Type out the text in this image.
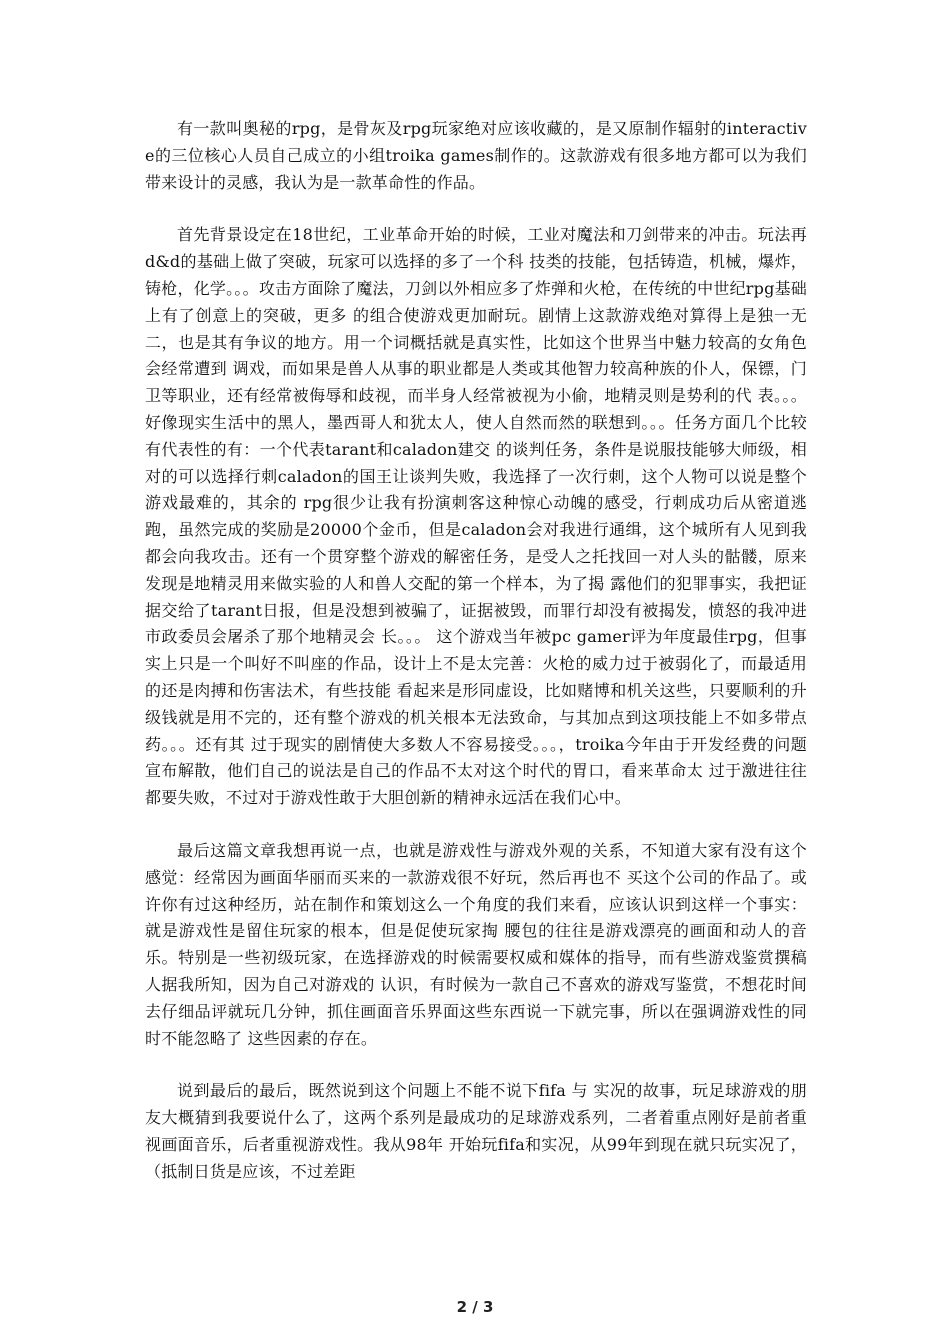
有一款叫奥秘的rpg，是骨灰及rpg玩家绝对应该收藏的，是又原制作辐射的interactive的三位核心人员自己成立的小组troika games制作的。这款游戏有很多地方都可以为我们带来设计的灵感，我认为是一款革命性的作品。

首先背景设定在18世纪，工业革命开始的时候，工业对魔法和刀剑带来的冲击。玩法再d&d的基础上做了突破，玩家可以选择的多了一个科 技类的技能，包括铸造，机械，爆炸，铸枪，化学。。。攻击方面除了魔法，刀剑以外相应多了炸弹和火枪，在传统的中世纪rpg基础上有了创意上的突破，更多 的组合使游戏更加耐玩。剧情上这款游戏绝对算得上是独一无二，也是其有争议的地方。用一个词概括就是真实性，比如这个世界当中魅力较高的女角色会经常遭到 调戏，而如果是兽人从事的职业都是人类或其他智力较高种族的仆人，保镖，门卫等职业，还有经常被侮辱和歧视，而半身人经常被视为小偷，地精灵则是势利的代 表。。。好像现实生活中的黑人，墨西哥人和犹太人，使人自然而然的联想到。。。任务方面几个比较有代表性的有：一个代表tarant和caladon建交 的谈判任务，条件是说服技能够大师级，相对的可以选择行刺caladon的国王让谈判失败，我选择了一次行刺，这个人物可以说是整个游戏最难的，其余的 rpg很少让我有扮演刺客这种惊心动魄的感受，行刺成功后从密道逃跑，虽然完成的奖励是20000个金币，但是caladon会对我进行通缉，这个城所有人见到我都会向我攻击。还有一个贯穿整个游戏的解密任务，是受人之托找回一对人头的骷髅，原来发现是地精灵用来做实验的人和兽人交配的第一个样本，为了揭 露他们的犯罪事实，我把证据交给了tarant日报，但是没想到被骗了，证据被毁，而罪行却没有被揭发，愤怒的我冲进市政委员会屠杀了那个地精灵会 长。。。 这个游戏当年被pc gamer评为年度最佳rpg，但事实上只是一个叫好不叫座的作品，设计上不是太完善：火枪的威力过于被弱化了，而最适用的还是肉搏和伤害法术，有些技能 看起来是形同虚设，比如赌博和机关这些，只要顺利的升级钱就是用不完的，还有整个游戏的机关根本无法致命，与其加点到这项技能上不如多带点药。。。还有其 过于现实的剧情使大多数人不容易接受。。。，troika今年由于开发经费的问题宣布解散，他们自己的说法是自己的作品不太对这个时代的胃口，看来革命太 过于激进往往都要失败，不过对于游戏性敢于大胆创新的精神永远活在我们心中。

最后这篇文章我想再说一点，也就是游戏性与游戏外观的关系，不知道大家有没有这个感觉：经常因为画面华丽而买来的一款游戏很不好玩，然后再也不 买这个公司的作品了。或许你有过这种经历，站在制作和策划这么一个角度的我们来看，应该认识到这样一个事实：就是游戏性是留住玩家的根本，但是促使玩家掏 腰包的往往是游戏漂亮的画面和动人的音乐。特别是一些初级玩家，在选择游戏的时候需要权威和媒体的指导，而有些游戏鉴赏撰稿人据我所知，因为自己对游戏的 认识，有时候为一款自己不喜欢的游戏写鉴赏，不想花时间去仔细品评就玩几分钟，抓住画面音乐界面这些东西说一下就完事，所以在强调游戏性的同时不能忽略了 这些因素的存在。

说到最后的最后，既然说到这个问题上不能不说下fifa 与 实况的故事，玩足球游戏的朋友大概猜到我要说什么了，这两个系列是最成功的足球游戏系列，二者着重点刚好是前者重视画面音乐，后者重视游戏性。我从98年 开始玩fifa和实况，从99年到现在就只玩实况了，（抵制日货是应该，不过差距

2 / 3
